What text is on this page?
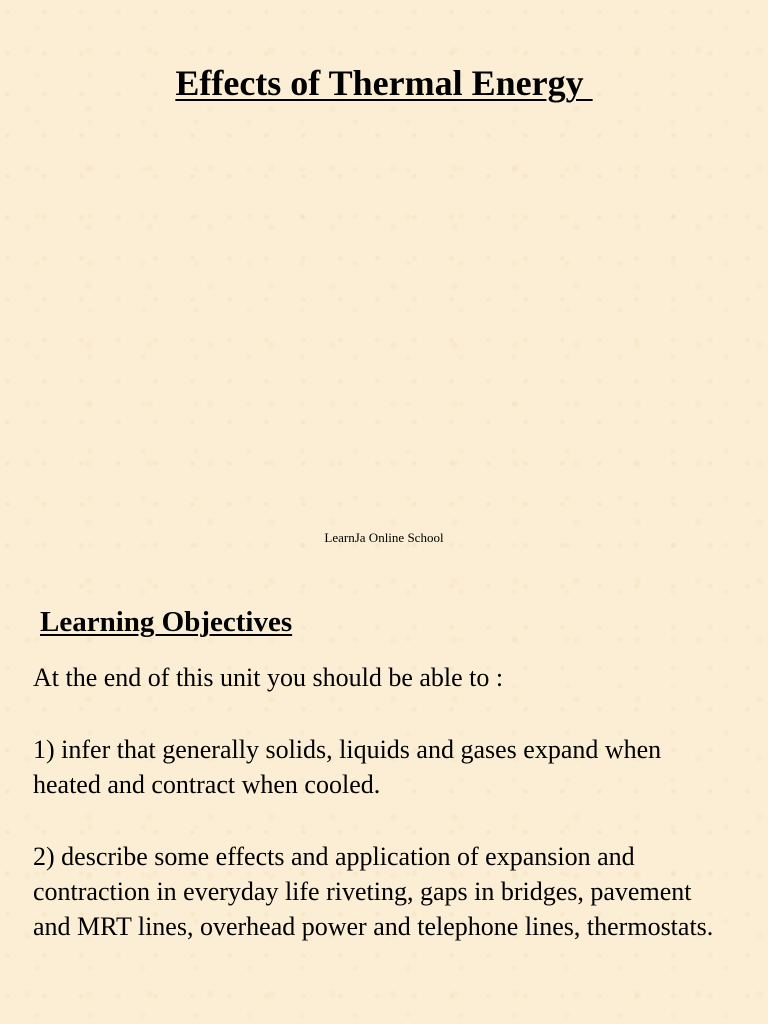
Effects of Thermal Energy

LearnJa Online School

Learning Objectives

At the end of this unit you should be able to :

1) infer that generally solids, liquids and gases expand when heated and contract when cooled.

2) describe some effects and application of expansion and contraction in everyday life riveting, gaps in bridges, pavement and MRT lines, overhead power and telephone lines, thermostats.
